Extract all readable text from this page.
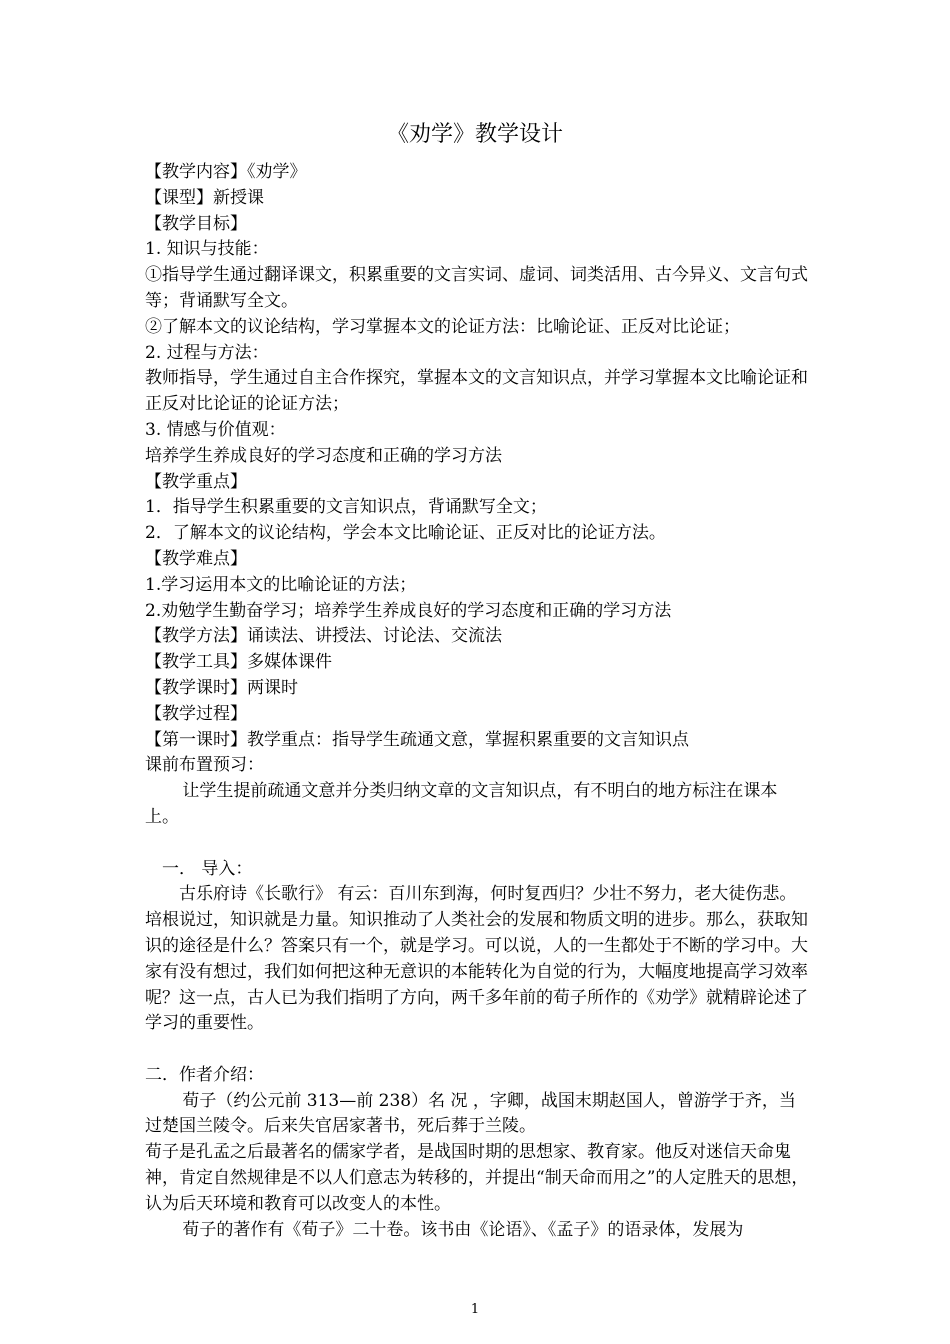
《劝学》教学设计

【教学内容】《劝学》

【课型】新授课

【教学目标】

1. 知识与技能：

①指导学生通过翻译课文，积累重要的文言实词、虚词、词类活用、古今异义、文言句式等；背诵默写全文。

②了解本文的议论结构，学习掌握本文的论证方法：比喻论证、正反对比论证；

2. 过程与方法：

教师指导，学生通过自主合作探究，掌握本文的文言知识点，并学习掌握本文比喻论证和正反对比论证的论证方法；

3. 情感与价值观：

培养学生养成良好的学习态度和正确的学习方法

【教学重点】

1．指导学生积累重要的文言知识点，背诵默写全文；

2．了解本文的议论结构，学会本文比喻论证、正反对比的论证方法。

【教学难点】

1.学习运用本文的比喻论证的方法；

2.劝勉学生勤奋学习；培养学生养成良好的学习态度和正确的学习方法

【教学方法】诵读法、讲授法、讨论法、交流法

【教学工具】多媒体课件

【教学课时】两课时

【教学过程】

【第一课时】教学重点：指导学生疏通文意，掌握积累重要的文言知识点

课前布置预习：

让学生提前疏通文意并分类归纳文章的文言知识点，有不明白的地方标注在课本上。

一． 导入：

古乐府诗《长歌行》 有云：百川东到海，何时复西归？少壮不努力，老大徒伤悲。培根说过，知识就是力量。知识推动了人类社会的发展和物质文明的进步。那么，获取知识的途径是什么？答案只有一个，就是学习。可以说，人的一生都处于不断的学习中。大家有没有想过，我们如何把这种无意识的本能转化为自觉的行为，大幅度地提高学习效率呢？这一点，古人已为我们指明了方向，两千多年前的荀子所作的《劝学》就精辟论述了学习的重要性。

二．作者介绍：

荀子（约公元前 313—前 238）名 况 ，字卿，战国末期赵国人，曾游学于齐，当过楚国兰陵令。后来失官居家著书，死后葬于兰陵。

荀子是孔孟之后最著名的儒家学者，是战国时期的思想家、教育家。他反对迷信天命鬼神，肯定自然规律是不以人们意志为转移的，并提出“制天命而用之”的人定胜天的思想，认为后天环境和教育可以改变人的本性。

荀子的著作有《荀子》二十卷。该书由《论语》、《孟子》的语录体，发展为

1
